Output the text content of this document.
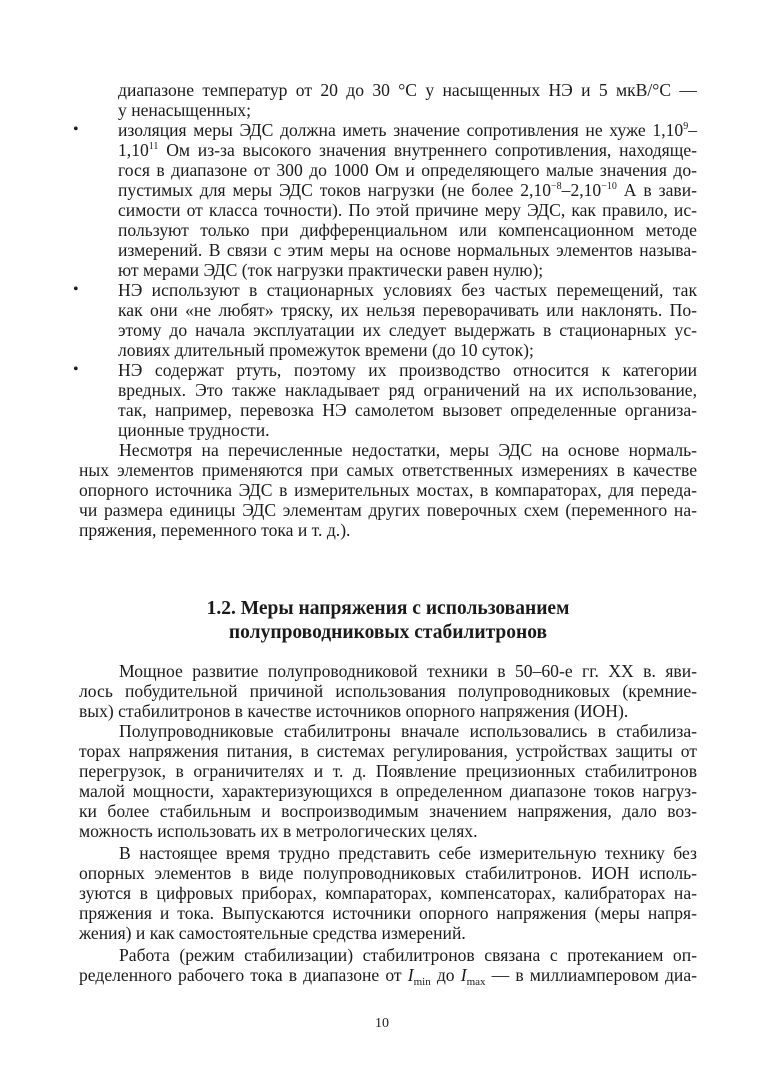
диапазоне температур от 20 до 30 °С у насыщенных НЭ и 5 мкВ/°С —
у ненасыщенных;
• изоляция меры ЭДС должна иметь значение сопротивления не хуже 1,10$^9$–
1,10$^{11}$ Ом из-за высокого значения внутреннего сопротивления, находяще-
гося в диапазоне от 300 до 1000 Ом и определяющего малые значения до-
пустимых для меры ЭДС токов нагрузки (не более $2,10^{-8}-2,10^{-10}$ А в зави-
симости от класса точности). По этой причине меру ЭДС, как правило, ис-
пользуют только при дифференциальном или компенсационном методе
измерений. В связи с этим меры на основе нормальных элементов называ-
ют мерами ЭДС (ток нагрузки практически равен нулю);
• НЭ используют в стационарных условиях без частых перемещений, так
как они «не любят» тряску, их нельзя переворачивать или наклонять. По-
этому до начала эксплуатации их следует выдержать в стационарных ус-
ловиях длительный промежуток времени (до 10 суток);
• НЭ содержат ртуть, поэтому их производство относится к категории
вредных. Это также накладывает ряд ограничений на их использование,
так, например, перевозка НЭ самолетом вызовет определенные организа-
ционные трудности.
Несмотря на перечисленные недостатки, меры ЭДС на основе нормаль-
ных элементов применяются при самых ответственных измерениях в качестве
опорного источника ЭДС в измерительных мостах, в компараторах, для переда-
чи размера единицы ЭДС элементам других поверочных схем (переменного на-
пряжения, переменного тока и т. д.).
1.2. Меры напряжения с использованием
полупроводниковых стабилитронов
Мощное развитие полупроводниковой техники в 50–60-е гг. XX в. яви-
лось побудительной причиной использования полупроводниковых (кремние-
вых) стабилитронов в качестве источников опорного напряжения (ИОН).
Полупроводниковые стабилитроны вначале использовались в стабилиза-
торах напряжения питания, в системах регулирования, устройствах защиты от
перегрузок, в ограничителях и т. д. Появление прецизионных стабилитронов
малой мощности, характеризующихся в определенном диапазоне токов нагруз-
ки более стабильным и воспроизводимым значением напряжения, дало воз-
можность использовать их в метрологических целях.
В настоящее время трудно представить себе измерительную технику без
опорных элементов в виде полупроводниковых стабилитронов. ИОН исполь-
зуются в цифровых приборах, компараторах, компенсаторах, калибраторах на-
пряжения и тока. Выпускаются источники опорного напряжения (меры напря-
жения) и как самостоятельные средства измерений.
Работа (режим стабилизации) стабилитронов связана с протеканием оп-
ределенного рабочего тока в диапазоне от $I_{min}$ до $I_{max}$ — в миллиамперовом диа-
10
